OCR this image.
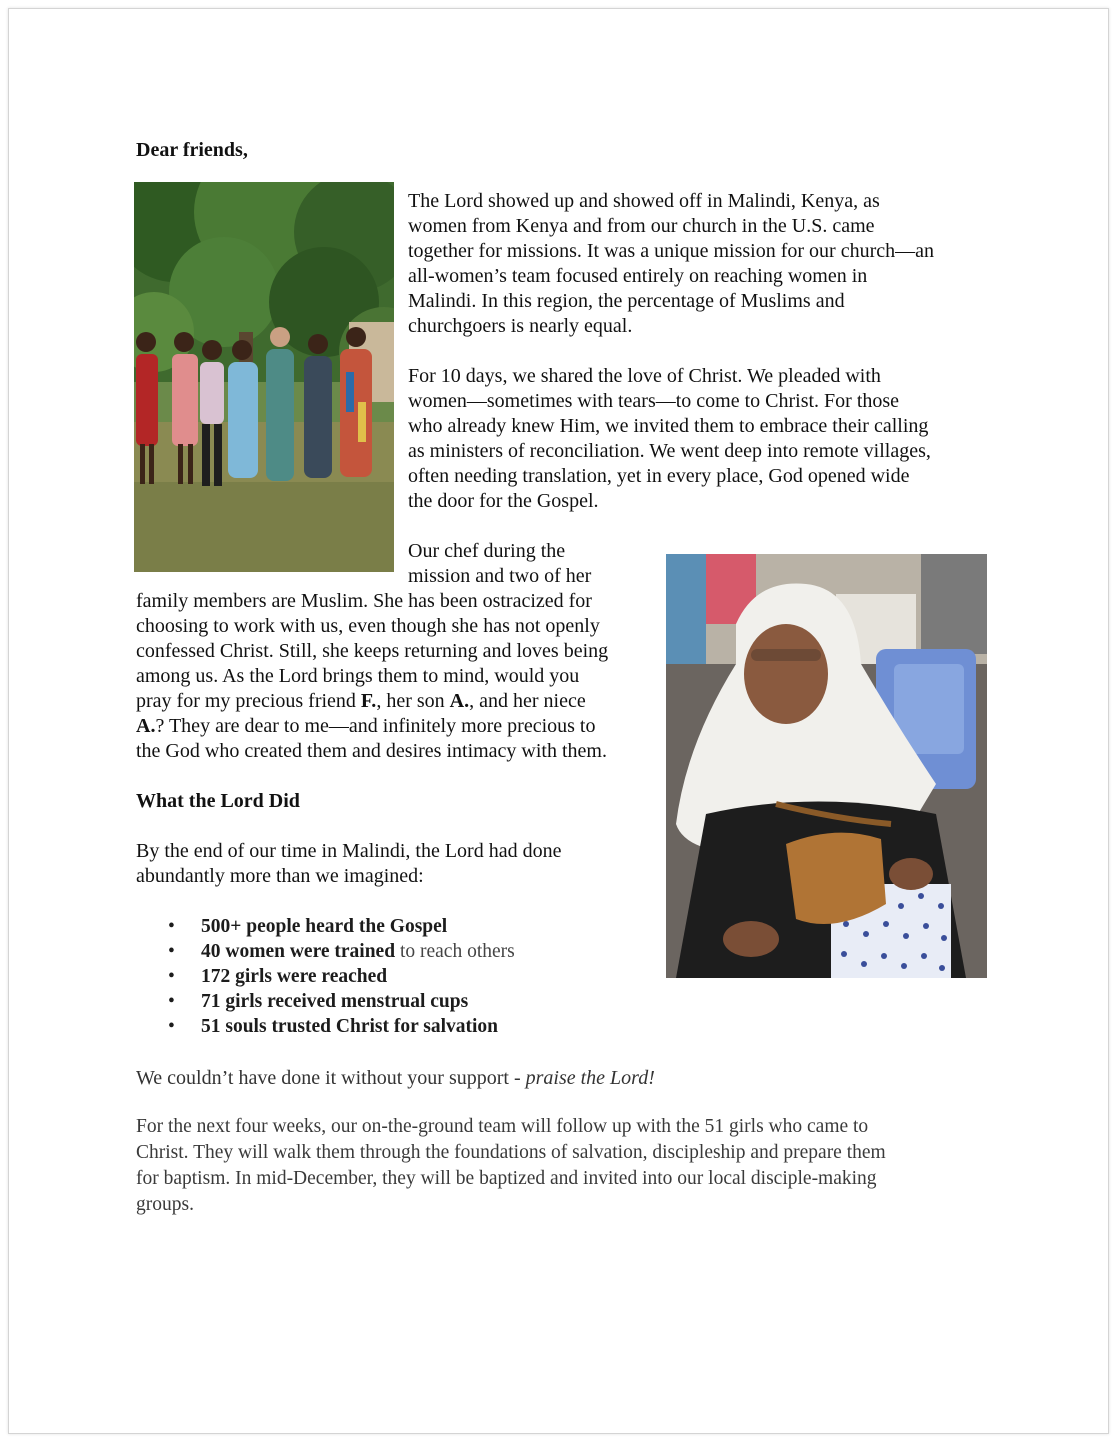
Dear friends,

The Lord showed up and showed off in Malindi, Kenya, as
women from Kenya and from our church in the U.S. came
together for missions. It was a unique mission for our church—an
all-women’s team focused entirely on reaching women in
Malindi. In this region, the percentage of Muslims and
churchgoers is nearly equal.
For 10 days, we shared the love of Christ. We pleaded with
women—sometimes with tears—to come to Christ. For those
who already knew Him, we invited them to embrace their calling
as ministers of reconciliation. We went deep into remote villages,
often needing translation, yet in every place, God opened wide
the door for the Gospel.
Our chef during the
mission and two of her
family members are Muslim. She has been ostracized for
choosing to work with us, even though she has not openly
confessed Christ. Still, she keeps returning and loves being
among us. As the Lord brings them to mind, would you
pray for my precious friend F., her son A., and her niece
A.? They are dear to me—and infinitely more precious to
the God who created them and desires intimacy with them.

What the Lord Did

By the end of our time in Malindi, the Lord had done
abundantly more than we imagined:
• 500+ people heard the Gospel
• 40 women were trained to reach others
• 172 girls were reached
• 71 girls received menstrual cups
• 51 souls trusted Christ for salvation

We couldn’t have done it without your support - praise the Lord!

For the next four weeks, our on-the-ground team will follow up with the 51 girls who came to
Christ. They will walk them through the foundations of salvation, discipleship and prepare them
for baptism. In mid-December, they will be baptized and invited into our local disciple-making
groups.
